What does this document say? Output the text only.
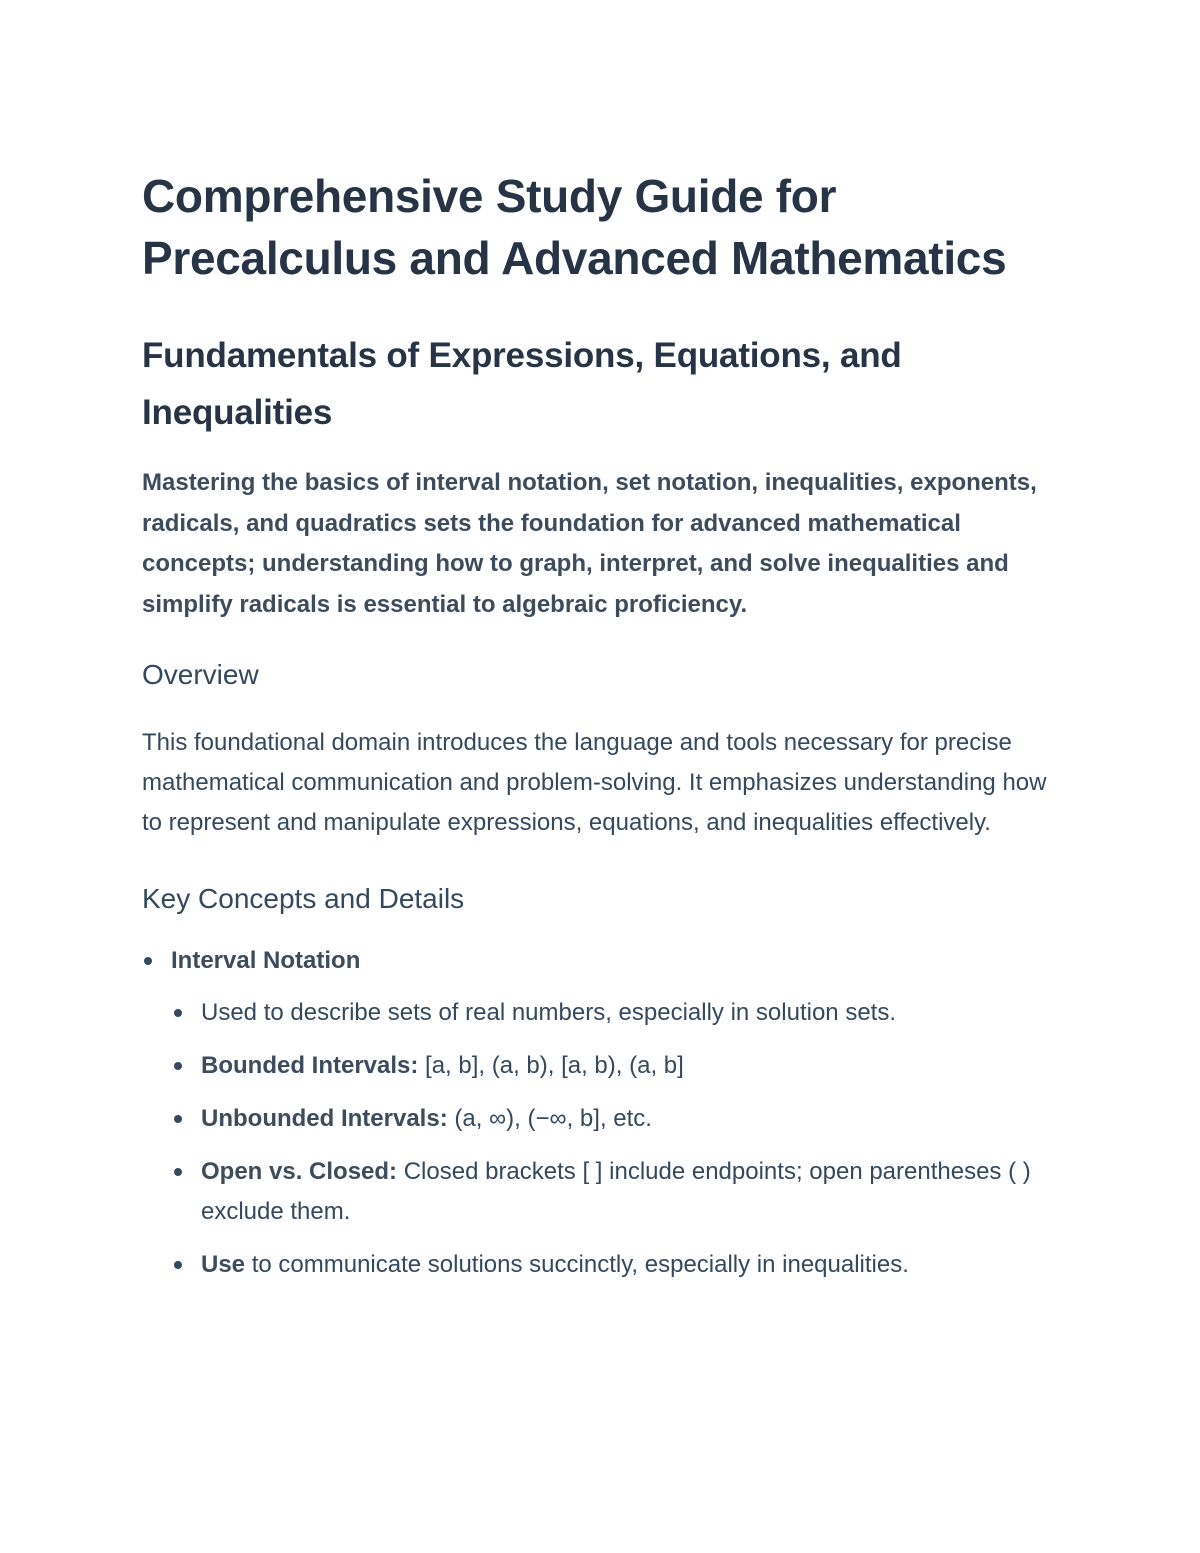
Comprehensive Study Guide for Precalculus and Advanced Mathematics
Fundamentals of Expressions, Equations, and Inequalities

Mastering the basics of interval notation, set notation, inequalities, exponents, radicals, and quadratics sets the foundation for advanced mathematical concepts; understanding how to graph, interpret, and solve inequalities and simplify radicals is essential to algebraic proficiency.

Overview

This foundational domain introduces the language and tools necessary for precise mathematical communication and problem-solving. It emphasizes understanding how to represent and manipulate expressions, equations, and inequalities effectively.

Key Concepts and Details
Interval Notation
Used to describe sets of real numbers, especially in solution sets.
Bounded Intervals: [a, b], (a, b), [a, b), (a, b]
Unbounded Intervals: (a, ∞), (−∞, b], etc.
Open vs. Closed: Closed brackets [ ] include endpoints; open parentheses ( ) exclude them.
Use to communicate solutions succinctly, especially in inequalities.
